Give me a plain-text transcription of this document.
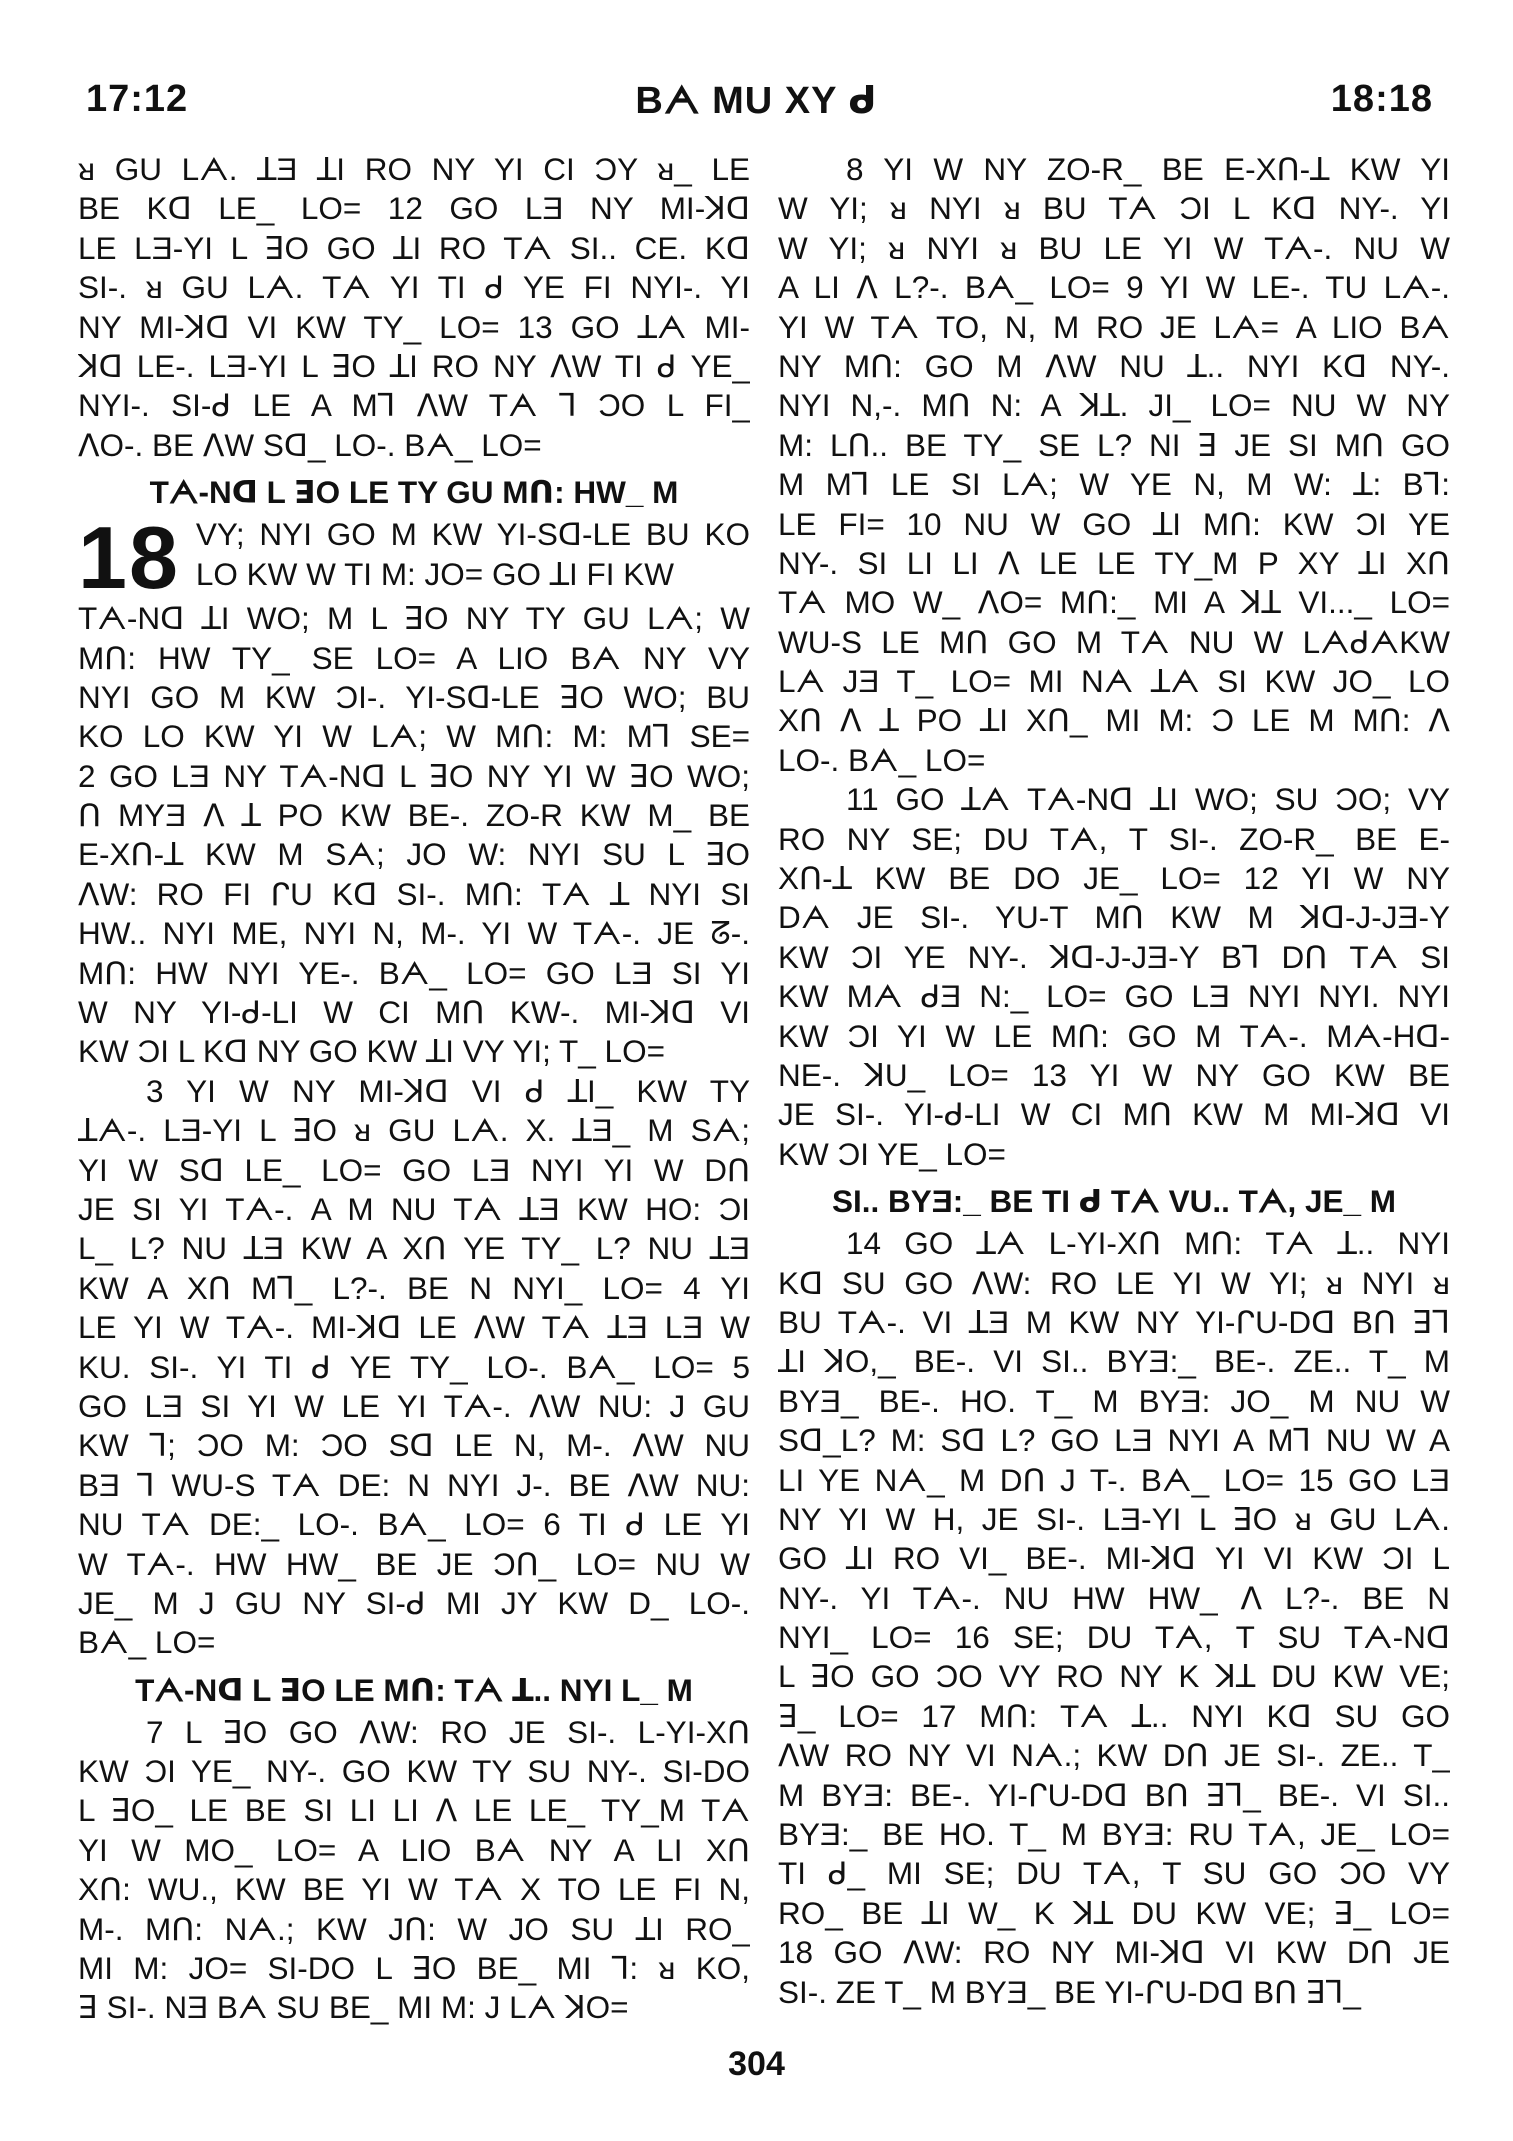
17:12	Bᗅ MU XY ᑯ	18:18
ᴚ GU Lᗅ. ꓕƎ ꓕI RO NY YI CI ƆY ᴚ_ LE
BE Kᗡ LE_ LO= 12 GO LƎ NY MI-ꓘᗡ
LE LƎ-YI L ꓱO GO ꓕI RO Tᗅ SI.. CE. Kᗡ
SI-. ᴚ GU Lᗅ. Tᗅ YI TI ᑯ YE FI NYI-. YI
NY MI-ꓘᗡ VI KW TY_ LO= 13 GO ꓕᗅ MI-
ꓘᗡ LE-. LƎ-YI L ꓱO ꓕI RO NY ᐱW TI ᑯ YE_
NYI-. SI-ᑯ LE A Mꓶ ᐱW Tᗅ ꓶ ƆO L FI_
ᐱO-. BE ᐱW Sᗡ_ LO-. Bᗅ_ LO=
Tᗅ-Nᗡ L ꓱO LE TY GU Mᑎ: HW_ M
18 VY; NYI GO M KW YI-Sᗡ-LE BU KO
LO KW W TI M: JO= GO ꓕI FI KW
Tᗅ-Nᗡ ꓕI WO; M L ꓱO NY TY GU Lᗅ; W
Mᑎ: HW TY_ SE LO= A LIO Bᗅ NY VY
NYI GO M KW ƆI-. YI-Sᗡ-LE ꓱO WO; BU
KO LO KW YI W Lᗅ; W Mᑎ: M: Mꓶ SE=
2 GO LƎ NY Tᗅ-Nᗡ L ꓱO NY YI W ꓱO WO;
ᑎ MYƎ ᐱ ꓕ PO KW BE-. ZO-R KW M_ BE
E-Xᑎ-ꓕ KW M Sᗅ; JO W: NYI SU L ꓱO
ᐱW: RO FI ᒋU Kᗡ SI-. Mᑎ: Tᗅ ꓕ NYI SI
HW.. NYI ME, NYI N, M-. YI W Tᗅ-. JE ᘔ-.
Mᑎ: HW NYI YE-. Bᗅ_ LO= GO LƎ SI YI
W NY YI-ᑯ-LI W CI Mᑎ KW-. MI-ꓘᗡ VI
KW ƆI L Kᗡ NY GO KW ꓕI VY YI; T_ LO=
3 YI W NY MI-ꓘᗡ VI ᑯ ꓕI_ KW TY
ꓕᗅ-. LƎ-YI L ꓱO ᴚ GU Lᗅ. X. ꓕƎ_ M Sᗅ;
YI W Sᗡ LE_ LO= GO LƎ NYI YI W Dᑎ
JE SI YI Tᗅ-. A M NU Tᗅ ꓕƎ KW HO: ƆI
L_ L? NU ꓕƎ KW A Xᑎ YE TY_ L? NU ꓕƎ
KW A Xᑎ Mꓶ_ L?-. BE N NYI_ LO= 4 YI
LE YI W Tᗅ-. MI-ꓘᗡ LE ᐱW Tᗅ ꓕƎ LƎ W
KU. SI-. YI TI ᑯ YE TY_ LO-. Bᗅ_ LO= 5
GO LƎ SI YI W LE YI Tᗅ-. ᐱW NU: J GU
KW ꓶ; ƆO M: ƆO Sᗡ LE N, M-. ᐱW NU
BƎ ꓶ WU-S Tᗅ DE: N NYI J-. BE ᐱW NU:
NU Tᗅ DE:_ LO-. Bᗅ_ LO= 6 TI ᑯ LE YI
W Tᗅ-. HW HW_ BE JE Ɔᑎ_ LO= NU W
JE_ M J GU NY SI-ᑯ MI JY KW D_ LO-.
Bᗅ_ LO=
Tᗅ-Nᗡ L ꓱO LE Mᑎ: Tᗅ ꓕ.. NYI L_ M
7 L ꓱO GO ᐱW: RO JE SI-. L-YI-Xᑎ
KW ƆI YE_ NY-. GO KW TY SU NY-. SI-DO
L ꓱO_ LE BE SI LI LI ᐱ LE LE_ TY_M Tᗅ
YI W MO_ LO= A LIO Bᗅ NY A LI Xᑎ
Xᑎ: WU., KW BE YI W Tᗅ X TO LE FI N,
M-. Mᑎ: Nᗅ.; KW Jᑎ: W JO SU ꓕI RO_
MI M: JO= SI-DO L ꓱO BE_ MI ꓶ: ᴚ KO,
ꓱ SI-. NƎ Bᗅ SU BE_ MI M: J Lᗅ ꓘO=
8 YI W NY ZO-R_ BE E-Xᑎ-ꓕ KW YI
W YI; ᴚ NYI ᴚ BU Tᗅ ƆI L Kᗡ NY-. YI
W YI; ᴚ NYI ᴚ BU LE YI W Tᗅ-. NU W
A LI ᐱ L?-. Bᗅ_ LO= 9 YI W LE-. TU Lᗅ-.
YI W Tᗅ TO, N, M RO JE Lᗅ= A LIO Bᗅ
NY Mᑎ: GO M ᐱW NU ꓕ.. NYI Kᗡ NY-.
NYI N,-. Mᑎ N: A ꓘꓕ. JI_ LO= NU W NY
M: Lᑎ.. BE TY_ SE L? NI ꓱ JE SI Mᑎ GO
M Mꓶ LE SI Lᗅ; W YE N, M W: ꓕ: Bꓶ:
LE FI= 10 NU W GO ꓕI Mᑎ: KW ƆI YE
NY-. SI LI LI ᐱ LE LE TY_M P XY ꓕI Xᑎ
Tᗅ MO W_ ᐱO= Mᑎ:_ MI A ꓘꓕ VI..._ LO=
WU-S LE Mᑎ GO M Tᗅ NU W LᗅᑯᗅKW
Lᗅ JƎ T_ LO= MI Nᗅ ꓕᗅ SI KW JO_ LO
Xᑎ ᐱ ꓕ PO ꓕI Xᑎ_ MI M: Ɔ LE M Mᑎ: ᐱ
LO-. Bᗅ_ LO=
11 GO ꓕᗅ Tᗅ-Nᗡ ꓕI WO; SU ƆO; VY
RO NY SE; DU Tᗅ, T SI-. ZO-R_ BE E-
Xᑎ-ꓕ KW BE DO JE_ LO= 12 YI W NY
Dᗅ JE SI-. YU-T Mᑎ KW M ꓘᗡ-J-JƎ-Y
KW ƆI YE NY-. ꓘᗡ-J-JƎ-Y Bꓶ Dᑎ Tᗅ SI
KW Mᗅ ᑯƎ N:_ LO= GO LƎ NYI NYI. NYI
KW ƆI YI W LE Mᑎ: GO M Tᗅ-. Mᗅ-Hᗡ-
NE-. ꓘU_ LO= 13 YI W NY GO KW BE
JE SI-. YI-ᑯ-LI W CI Mᑎ KW M MI-ꓘᗡ VI
KW ƆI YE_ LO=
SI.. BYƎ:_ BE TI ᑯ Tᗅ VU.. Tᗅ, JE_ M
14 GO ꓕᗅ L-YI-Xᑎ Mᑎ: Tᗅ ꓕ.. NYI
Kᗡ SU GO ᐱW: RO LE YI W YI; ᴚ NYI ᴚ
BU Tᗅ-. VI ꓕƎ M KW NY YI-ᒋU-Dᗡ Bᑎ ꓱꓶ
ꓕI ꓘO,_ BE-. VI SI.. BYƎ:_ BE-. ZE.. T_ M
BYƎ_ BE-. HO. T_ M BYƎ: JO_ M NU W
Sᗡ_L? M: Sᗡ L? GO LƎ NYI A Mꓶ NU W A
LI YE Nᗅ_ M Dᑎ J T-. Bᗅ_ LO= 15 GO LƎ
NY YI W H, JE SI-. LƎ-YI L ꓱO ᴚ GU Lᗅ.
GO ꓕI RO VI_ BE-. MI-ꓘᗡ YI VI KW ƆI L
NY-. YI Tᗅ-. NU HW HW_ ᐱ L?-. BE N
NYI_ LO= 16 SE; DU Tᗅ, T SU Tᗅ-Nᗡ
L ꓱO GO ƆO VY RO NY K ꓘꓕ DU KW VE;
ꓱ_ LO= 17 Mᑎ: Tᗅ ꓕ.. NYI Kᗡ SU GO
ᐱW RO NY VI Nᗅ.; KW Dᑎ JE SI-. ZE.. T_
M BYƎ: BE-. YI-ᒋU-Dᗡ Bᑎ ꓱꓶ_ BE-. VI SI..
BYƎ:_ BE HO. T_ M BYƎ: RU Tᗅ, JE_ LO=
TI ᑯ_ MI SE; DU Tᗅ, T SU GO ƆO VY
RO_ BE ꓕI W_ K ꓘꓕ DU KW VE; ꓱ_ LO=
18 GO ᐱW: RO NY MI-ꓘᗡ VI KW Dᑎ JE
SI-. ZE T_ M BYƎ_ BE YI-ᒋU-Dᗡ Bᑎ ꓱꓶ_
304
